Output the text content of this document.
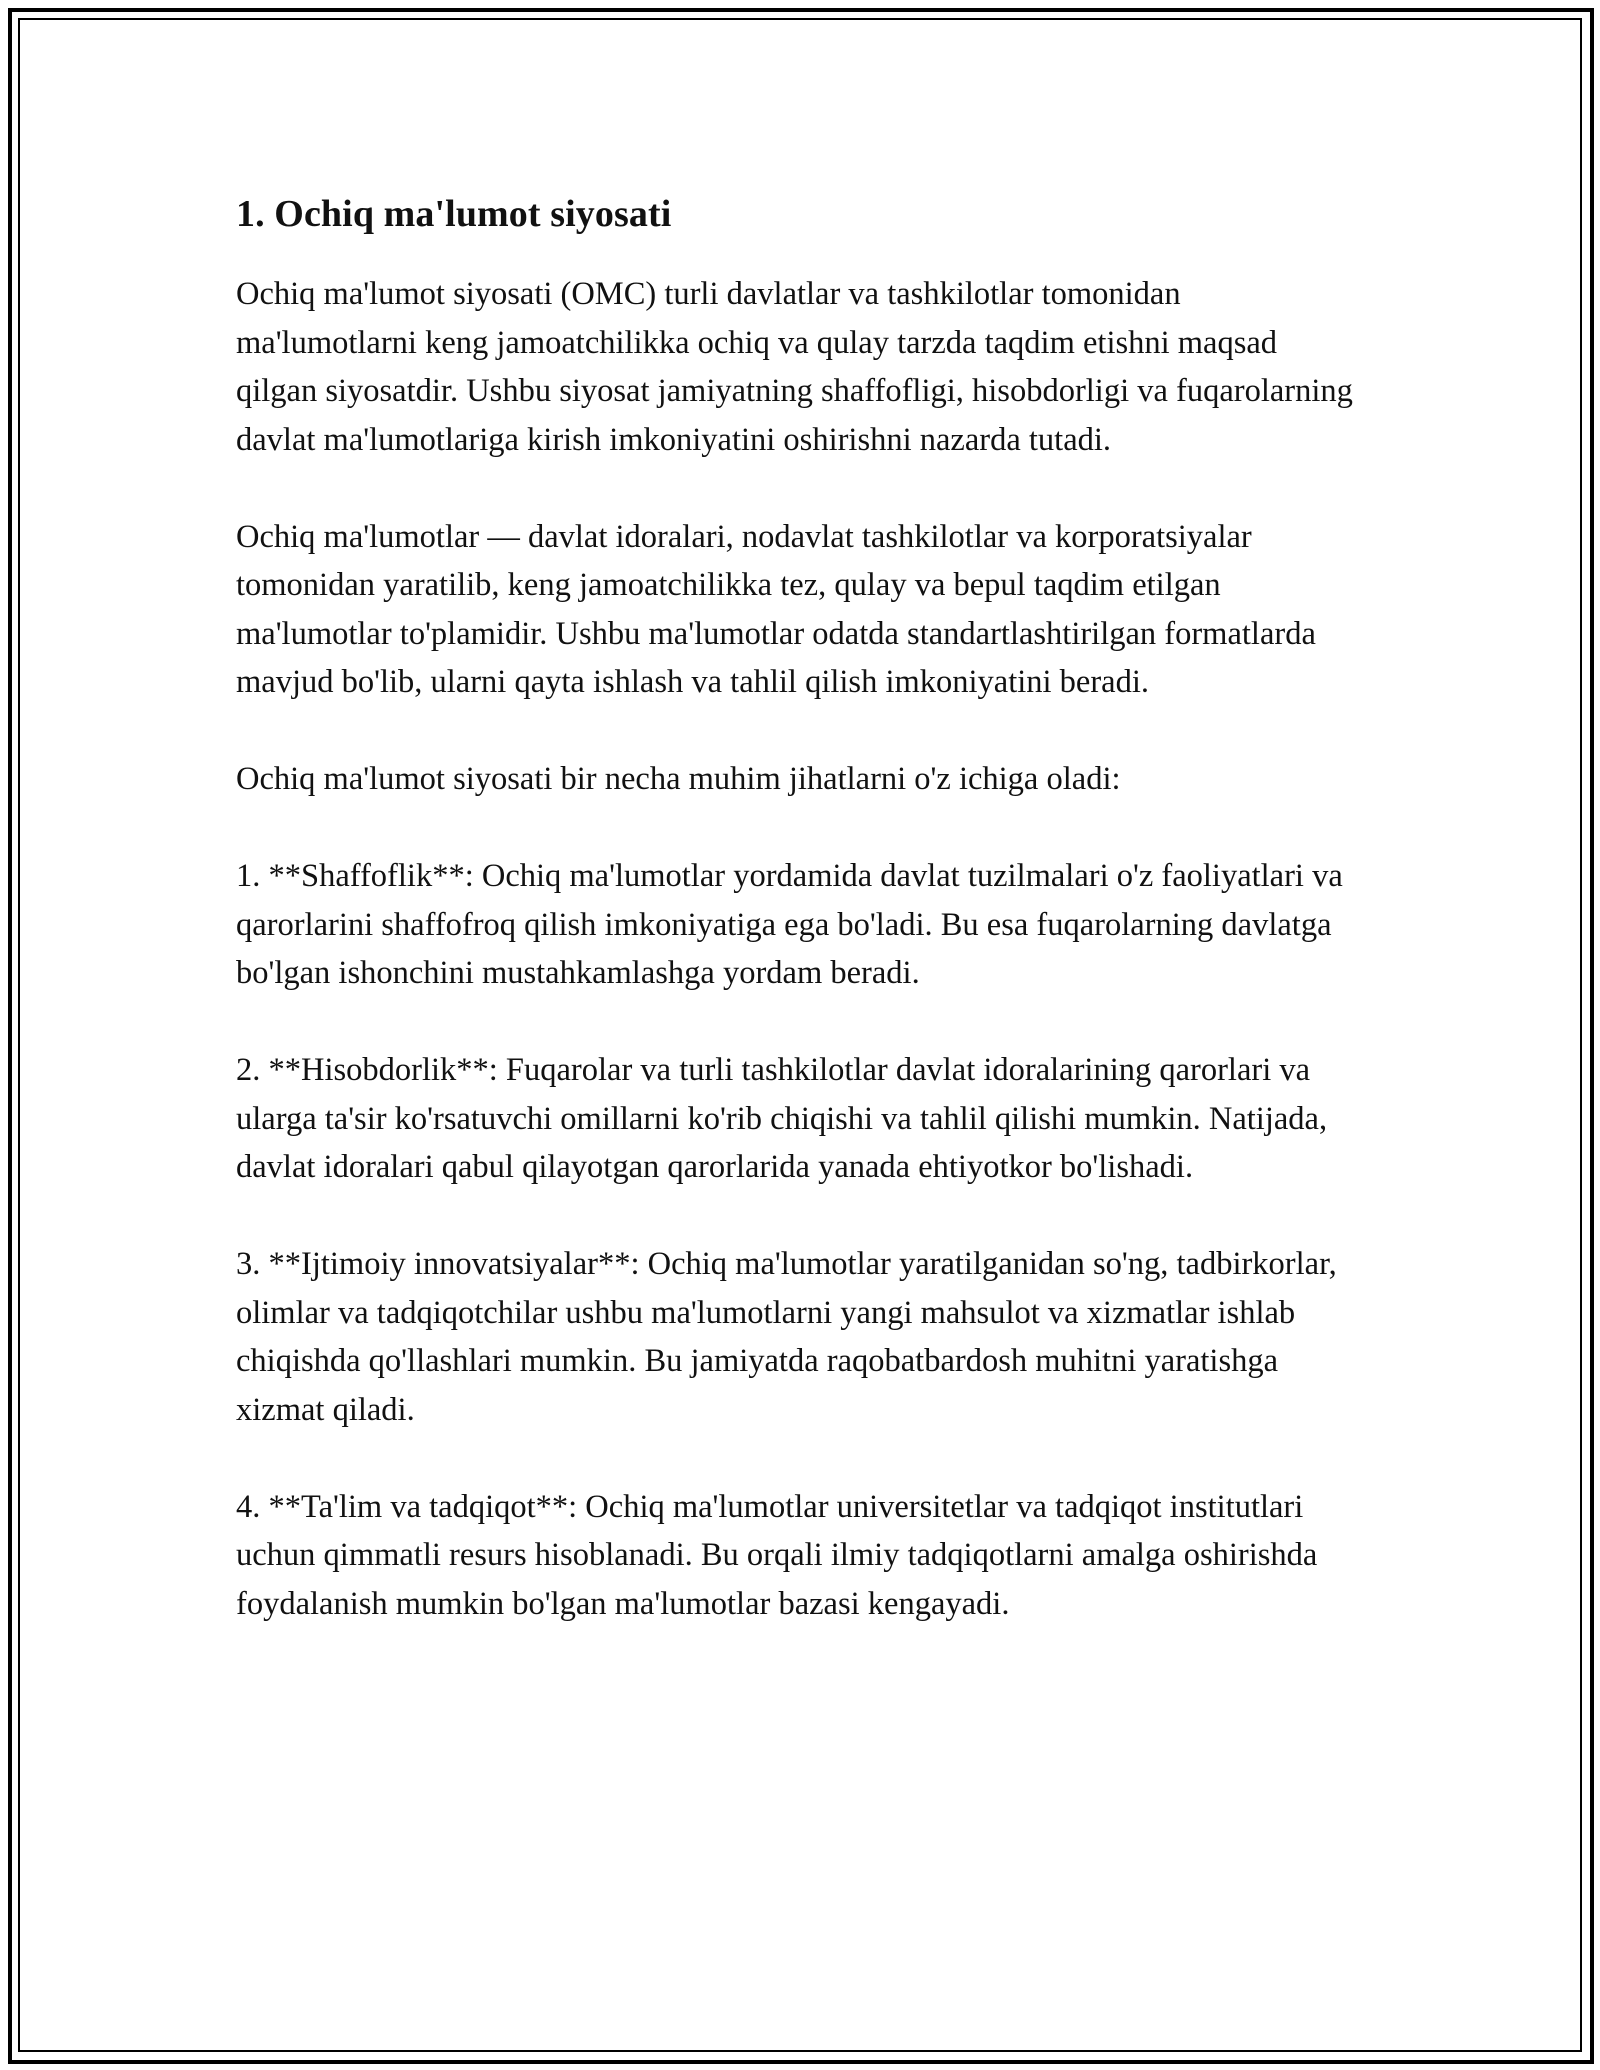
1. Ochiq ma'lumot siyosati

Ochiq ma'lumot siyosati (OMC) turli davlatlar va tashkilotlar tomonidan ma'lumotlarni keng jamoatchilikka ochiq va qulay tarzda taqdim etishni maqsad qilgan siyosatdir. Ushbu siyosat jamiyatning shaffofligi, hisobdorligi va fuqarolarning davlat ma'lumotlariga kirish imkoniyatini oshirishni nazarda tutadi.

Ochiq ma'lumotlar — davlat idoralari, nodavlat tashkilotlar va korporatsiyalar tomonidan yaratilib, keng jamoatchilikka tez, qulay va bepul taqdim etilgan ma'lumotlar to'plamidir. Ushbu ma'lumotlar odatda standartlashtirilgan formatlarda mavjud bo'lib, ularni qayta ishlash va tahlil qilish imkoniyatini beradi.

Ochiq ma'lumot siyosati bir necha muhim jihatlarni o'z ichiga oladi:

1. **Shaffoflik**: Ochiq ma'lumotlar yordamida davlat tuzilmalari o'z faoliyatlari va qarorlarini shaffofroq qilish imkoniyatiga ega bo'ladi. Bu esa fuqarolarning davlatga bo'lgan ishonchini mustahkamlashga yordam beradi.

2. **Hisobdorlik**: Fuqarolar va turli tashkilotlar davlat idoralarining qarorlari va ularga ta'sir ko'rsatuvchi omillarni ko'rib chiqishi va tahlil qilishi mumkin. Natijada, davlat idoralari qabul qilayotgan qarorlarida yanada ehtiyotkor bo'lishadi.

3. **Ijtimoiy innovatsiyalar**: Ochiq ma'lumotlar yaratilganidan so'ng, tadbirkorlar, olimlar va tadqiqotchilar ushbu ma'lumotlarni yangi mahsulot va xizmatlar ishlab chiqishda qo'llashlari mumkin. Bu jamiyatda raqobatbardosh muhitni yaratishga xizmat qiladi.

4. **Ta'lim va tadqiqot**: Ochiq ma'lumotlar universitetlar va tadqiqot institutlari uchun qimmatli resurs hisoblanadi. Bu orqali ilmiy tadqiqotlarni amalga oshirishda foydalanish mumkin bo'lgan ma'lumotlar bazasi kengayadi.
